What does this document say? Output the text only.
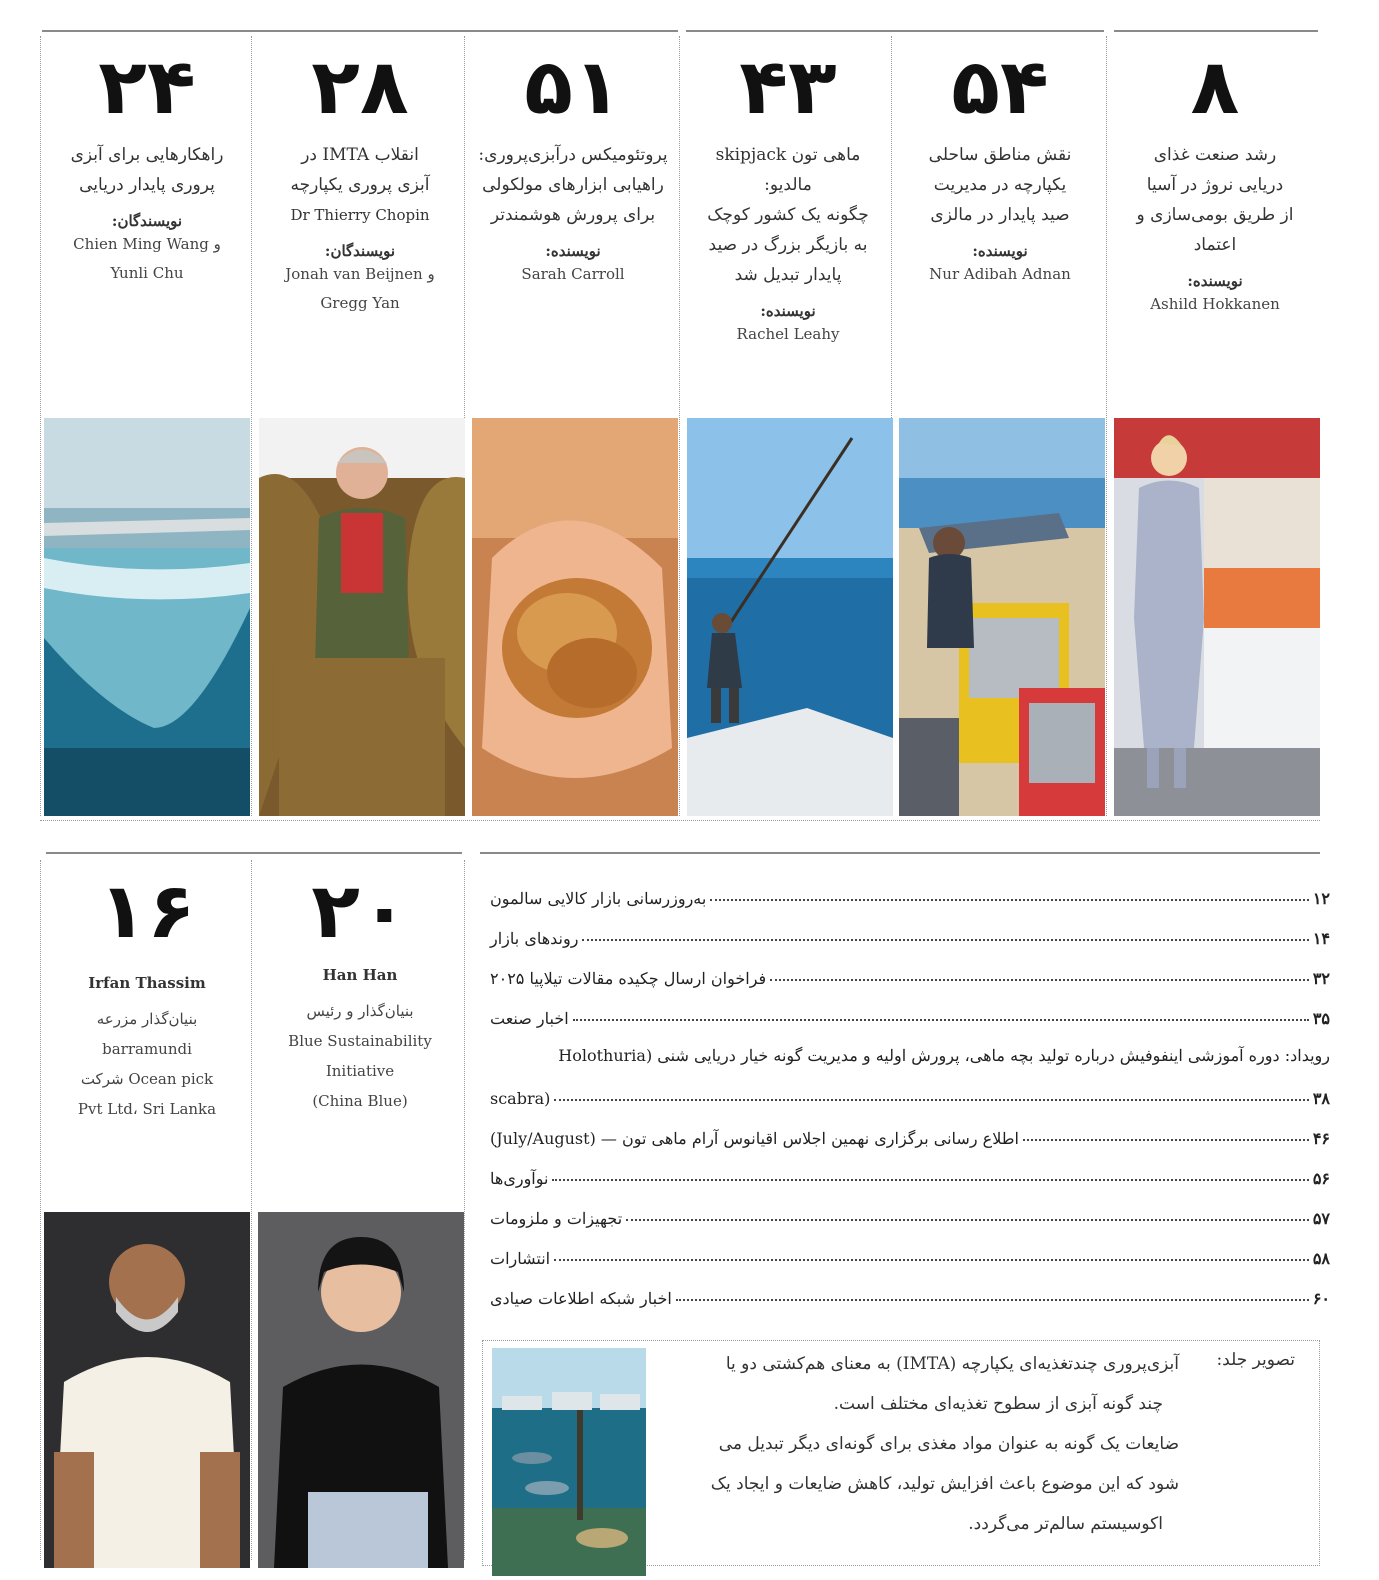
۸
رشد صنعت غذای
دریایی نروژ در آسیا
از طریق بومی‌سازی و
اعتماد
نویسنده:
Ashild Hokkanen
۵۴
نقش مناطق ساحلی
یکپارچه در مدیریت
صید پایدار در مالزی
نویسنده:
Nur Adibah Adnan
۴۳
ماهی تون skipjack مالدیو:
چگونه یک کشور کوچک
به بازیگر بزرگ در صید
پایدار تبدیل شد
نویسنده:
Rachel Leahy
۵۱
پروتئومیکس درآبزی‌پروری:
راهیابی ابزارهای مولکولی
برای پرورش هوشمندتر
نویسنده:
Sarah Carroll
۲۸
انقلاب IMTA در
آبزی پروری یکپارچه
Dr Thierry Chopin
نویسندگان:
Jonah van Beijnen و
Gregg Yan
۲۴
راهکارهایی برای آبزی
پروری پایدار دریایی
نویسندگان:
Chien Ming Wang و
Yunli Chu
۲۰
Han Han
بنیان‌گذار و رئیس
Blue Sustainability
Initiative
(China Blue)
۱۶
Irfan Thassim
بنیان‌گذار مزرعه
barramundi
Ocean pick شرکت
Pvt Ltd، Sri Lanka
به‌روزرسانی بازار کالایی سالمون	۱۲
روندهای بازار	۱۴
فراخوان ارسال چکیده مقالات تیلاپیا ۲۰۲۵	۳۲
اخبار صنعت	۳۵
رویداد: دوره آموزشی اینفوفیش درباره تولید بچه ماهی، پرورش اولیه و مدیریت گونه خیار دریایی شنی (Holothuria
(scabra	۳۸
اطلاع رسانی برگزاری نهمین اجلاس اقیانوس آرام ماهی تون — (July/August)	۴۶
نوآوری‌ها	۵۶
تجهیزات و ملزومات	۵۷
انتشارات	۵۸
اخبار شبکه اطلاعات صیادی	۶۰
تصویر جلد:
آبزی‌پروری چندتغذیه‌ای یکپارچه (IMTA) به معنای هم‌کشتی دو یا
چند گونه آبزی از سطوح تغذیه‌ای مختلف است.
ضایعات یک گونه به عنوان مواد مغذی برای گونه‌ای دیگر تبدیل می
شود که این موضوع باعث افزایش تولید، کاهش ضایعات و ایجاد یک
اکوسیستم سالم‌تر می‌گردد.
